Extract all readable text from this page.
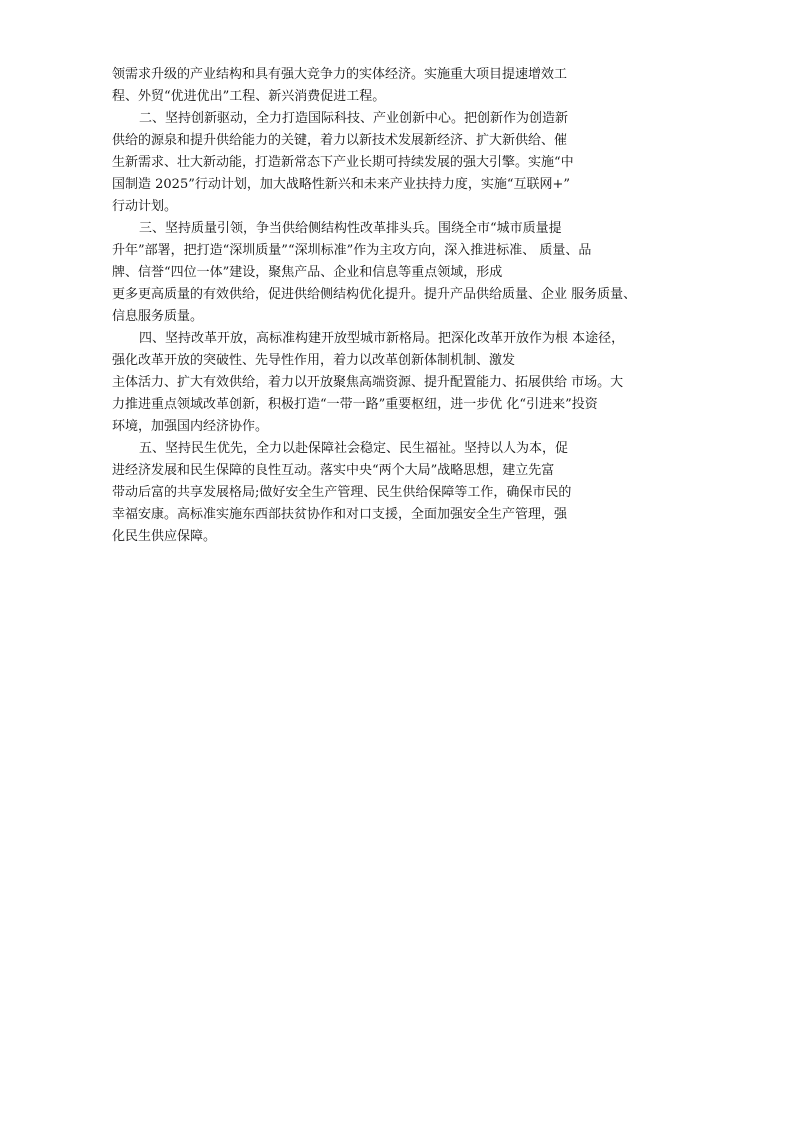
领需求升级的产业结构和具有强大竞争力的实体经济。实施重大项目提速增效工
程、外贸“优进优出”工程、新兴消费促进工程。
二、坚持创新驱动，全力打造国际科技、产业创新中心。把创新作为创造新
供给的源泉和提升供给能力的关键，着力以新技术发展新经济、扩大新供给、催
生新需求、壮大新动能，打造新常态下产业长期可持续发展的强大引擎。实施“中
国制造 2025”行动计划，加大战略性新兴和未来产业扶持力度，实施“互联网+”
行动计划。
三、坚持质量引领，争当供给侧结构性改革排头兵。围绕全市“城市质量提
升年”部署，把打造“深圳质量”“深圳标准”作为主攻方向，深入推进标准、 质量、品
牌、信誉“四位一体”建设，聚焦产品、企业和信息等重点领域，形成
更多更高质量的有效供给，促进供给侧结构优化提升。提升产品供给质量、企业 服务质量、
信息服务质量。
四、坚持改革开放，高标准构建开放型城市新格局。把深化改革开放作为根 本途径，
强化改革开放的突破性、先导性作用，着力以改革创新体制机制、激发
主体活力、扩大有效供给，着力以开放聚焦高端资源、提升配置能力、拓展供给 市场。大
力推进重点领域改革创新，积极打造“一带一路”重要枢纽，进一步优 化“引进来”投资
环境，加强国内经济协作。
五、坚持民生优先，全力以赴保障社会稳定、民生福祉。坚持以人为本，促
进经济发展和民生保障的良性互动。落实中央“两个大局”战略思想，建立先富
带动后富的共享发展格局;做好安全生产管理、民生供给保障等工作，确保市民的
幸福安康。高标准实施东西部扶贫协作和对口支援，全面加强安全生产管理，强
化民生供应保障。
